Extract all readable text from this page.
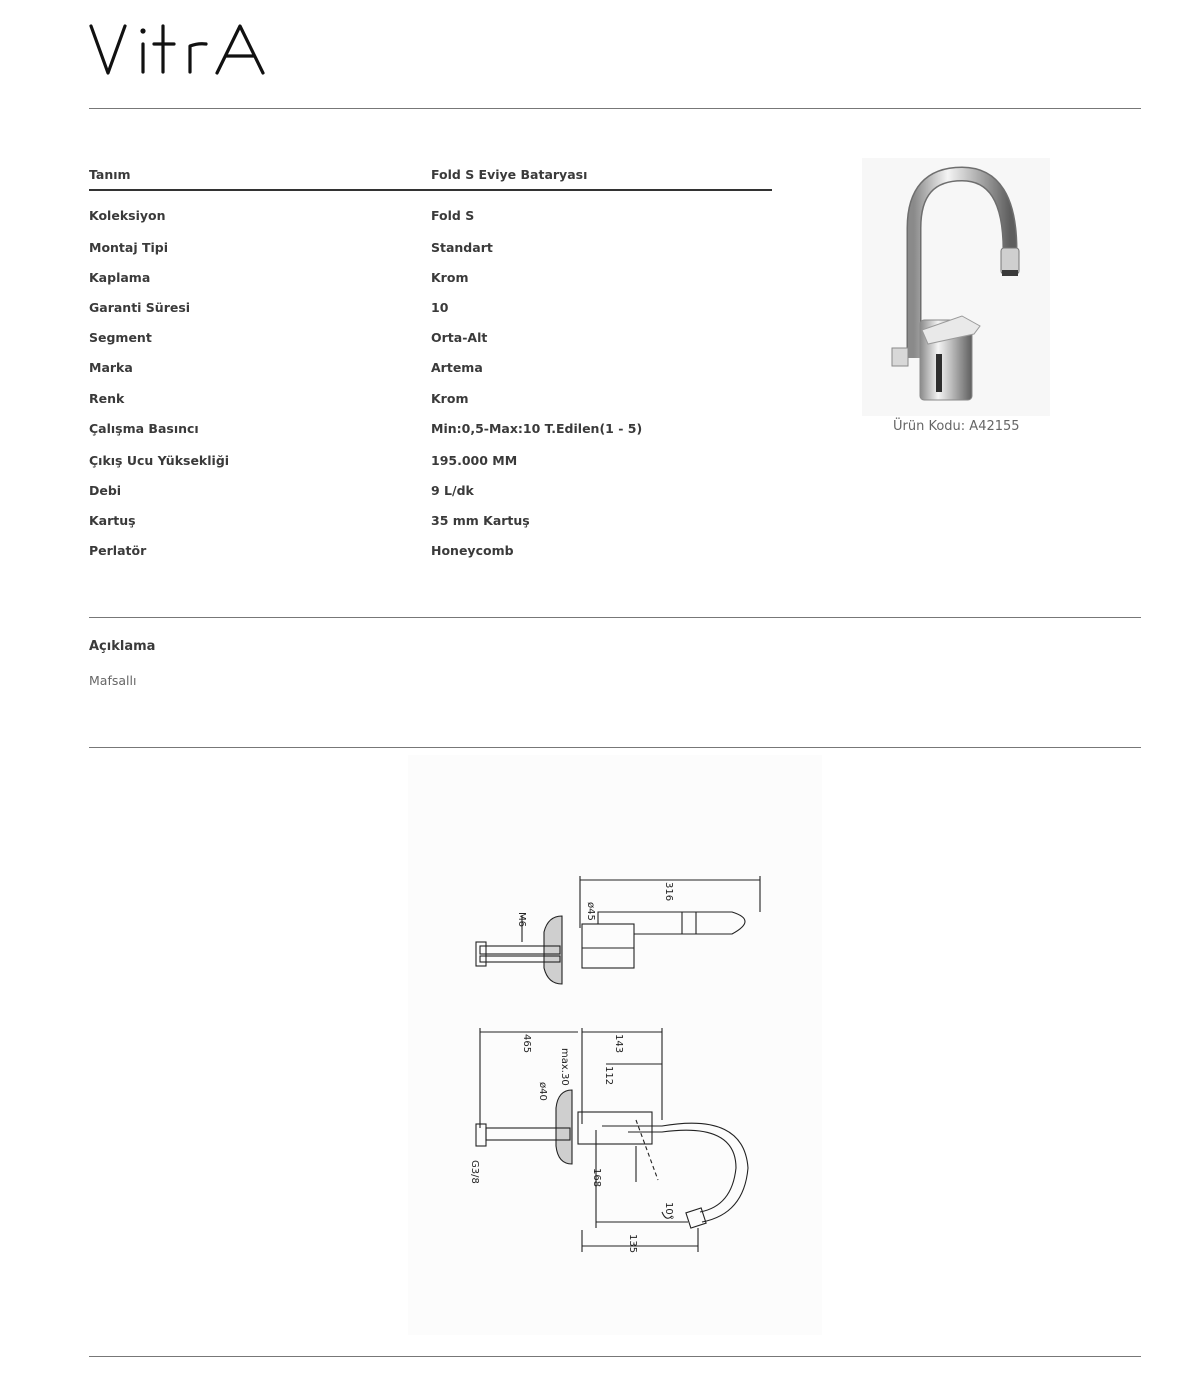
Tanım	Fold S Eviye Bataryası
Koleksiyon	Fold S
Montaj Tipi	Standart
Kaplama	Krom
Garanti Süresi	10
Segment	Orta-Alt
Marka	Artema
Renk	Krom
Çalışma Basıncı	Min:0,5-Max:10 T.Edilen(1 - 5)
Çıkış Ucu Yüksekliği	195.000 MM
Debi	9 L/dk
Kartuş	35 mm Kartuş
Perlatör	Honeycomb
Ürün Kodu: A42155
Açıklama
Mafsallı
316
M6	ø45
465	143
max.30	112
ø40
168
135
10°
G3/8
